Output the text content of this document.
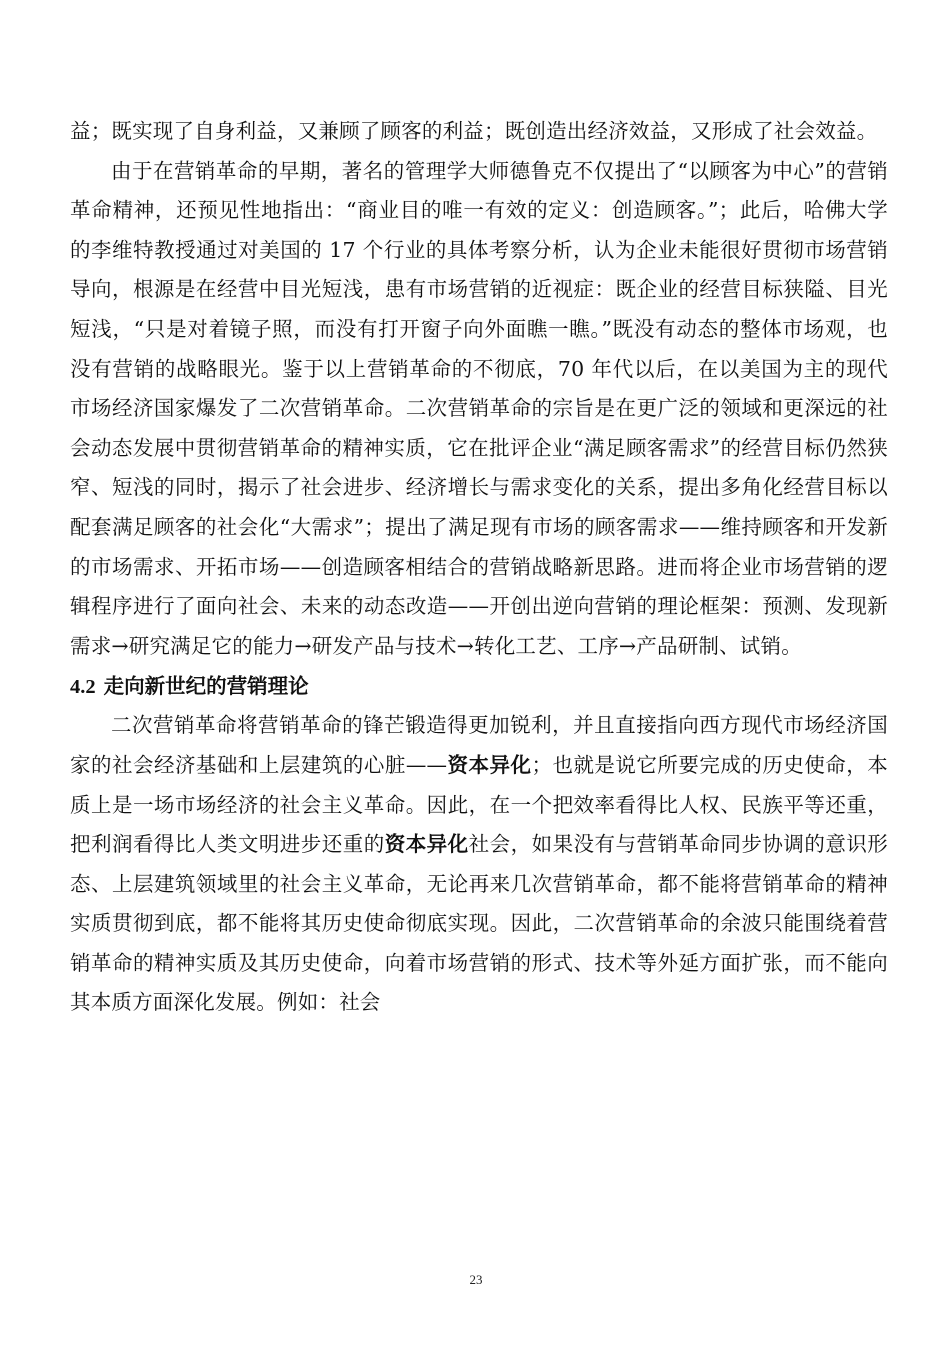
益；既实现了自身利益，又兼顾了顾客的利益；既创造出经济效益，又形成了社会效益。

由于在营销革命的早期，著名的管理学大师德鲁克不仅提出了“以顾客为中心”的营销革命精神，还预见性地指出：“商业目的唯一有效的定义：创造顾客。”；此后，哈佛大学的李维特教授通过对美国的 17 个行业的具体考察分析，认为企业未能很好贯彻市场营销导向，根源是在经营中目光短浅，患有市场营销的近视症：既企业的经营目标狭隘、目光短浅，“只是对着镜子照，而没有打开窗子向外面瞧一瞧。”既没有动态的整体市场观，也没有营销的战略眼光。鉴于以上营销革命的不彻底，70 年代以后，在以美国为主的现代市场经济国家爆发了二次营销革命。二次营销革命的宗旨是在更广泛的领域和更深远的社会动态发展中贯彻营销革命的精神实质，它在批评企业“满足顾客需求”的经营目标仍然狭窄、短浅的同时，揭示了社会进步、经济增长与需求变化的关系，提出多角化经营目标以配套满足顾客的社会化“大需求”；提出了满足现有市场的顾客需求——维持顾客和开发新的市场需求、开拓市场——创造顾客相结合的营销战略新思路。进而将企业市场营销的逻辑程序进行了面向社会、未来的动态改造——开创出逆向营销的理论框架：预测、发现新需求→研究满足它的能力→研发产品与技术→转化工艺、工序→产品研制、试销。

4.2 走向新世纪的营销理论

二次营销革命将营销革命的锋芒锻造得更加锐利，并且直接指向西方现代市场经济国家的社会经济基础和上层建筑的心脏——资本异化；也就是说它所要完成的历史使命，本质上是一场市场经济的社会主义革命。因此，在一个把效率看得比人权、民族平等还重，把利润看得比人类文明进步还重的资本异化社会，如果没有与营销革命同步协调的意识形态、上层建筑领域里的社会主义革命，无论再来几次营销革命，都不能将营销革命的精神实质贯彻到底，都不能将其历史使命彻底实现。因此，二次营销革命的余波只能围绕着营销革命的精神实质及其历史使命，向着市场营销的形式、技术等外延方面扩张，而不能向其本质方面深化发展。例如：社会

23
